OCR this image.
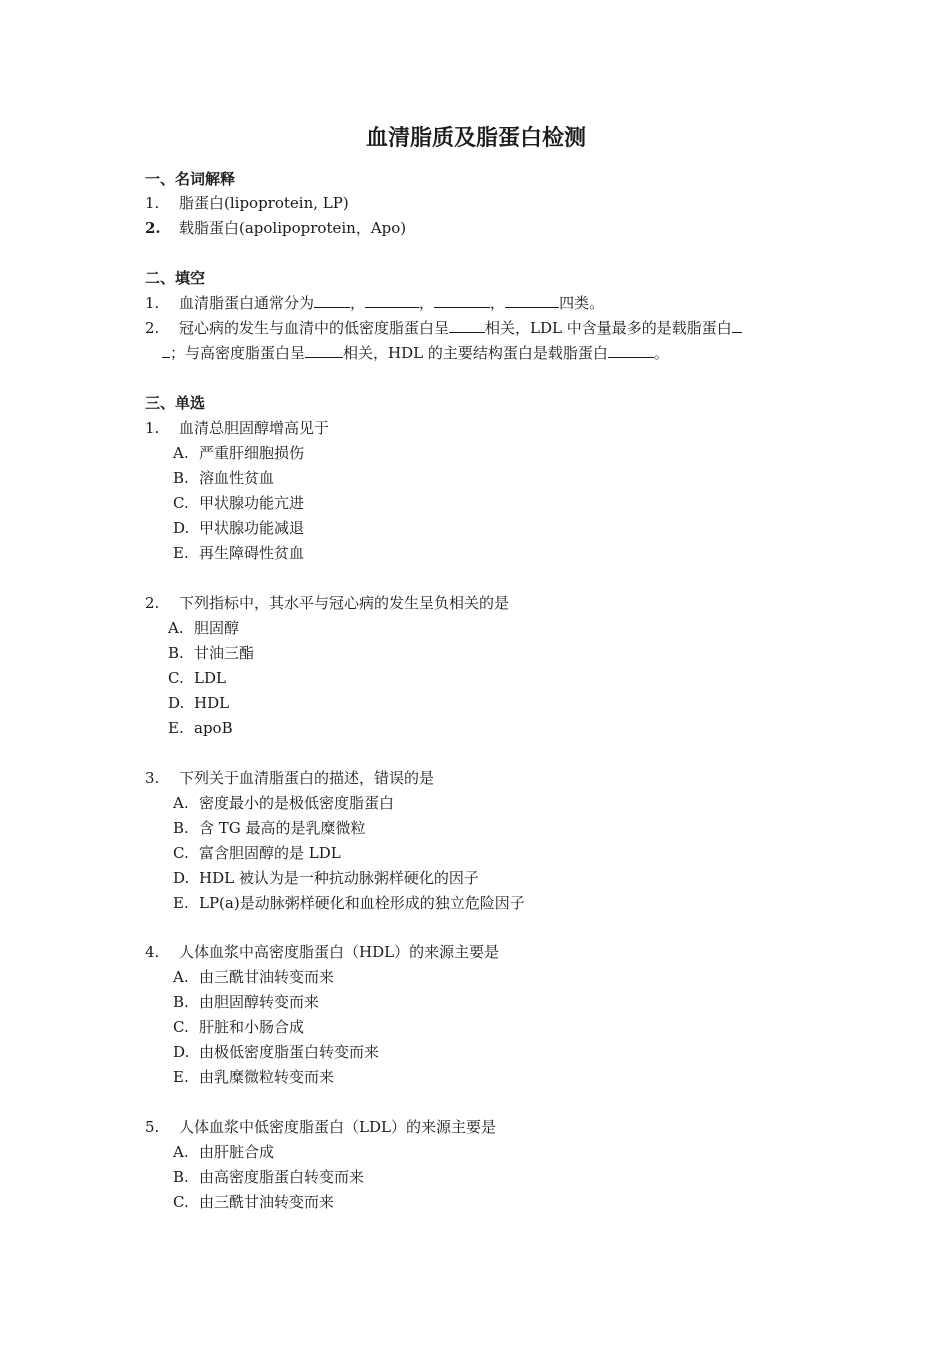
血清脂质及脂蛋白检测
一、名词解释
1. 脂蛋白(lipoprotein, LP)
2. 载脂蛋白(apolipoprotein，Apo)
二、填空
1. 血清脂蛋白通常分为 ，	，	，	四类。
2. 冠心病的发生与血清中的低密度脂蛋白呈 相关，LDL 中含量最多的是载脂蛋白
；与高密度脂蛋白呈	相关，HDL 的主要结构蛋白是载脂蛋白	。
三、单选
1. 血清总胆固醇增高见于
A. 严重肝细胞损伤
B. 溶血性贫血
C. 甲状腺功能亢进
D. 甲状腺功能减退
E. 再生障碍性贫血
2. 下列指标中，其水平与冠心病的发生呈负相关的是
A. 胆固醇
B. 甘油三酯
C. LDL
D. HDL
E. apoB
3. 下列关于血清脂蛋白的描述，错误的是
A. 密度最小的是极低密度脂蛋白
B. 含 TG 最高的是乳糜微粒
C. 富含胆固醇的是 LDL
D. HDL 被认为是一种抗动脉粥样硬化的因子
E. LP(a)是动脉粥样硬化和血栓形成的独立危险因子
4. 人体血浆中高密度脂蛋白（HDL）的来源主要是
A. 由三酰甘油转变而来
B. 由胆固醇转变而来
C. 肝脏和小肠合成
D. 由极低密度脂蛋白转变而来
E. 由乳糜微粒转变而来
5. 人体血浆中低密度脂蛋白（LDL）的来源主要是
A. 由肝脏合成
B. 由高密度脂蛋白转变而来
C. 由三酰甘油转变而来
